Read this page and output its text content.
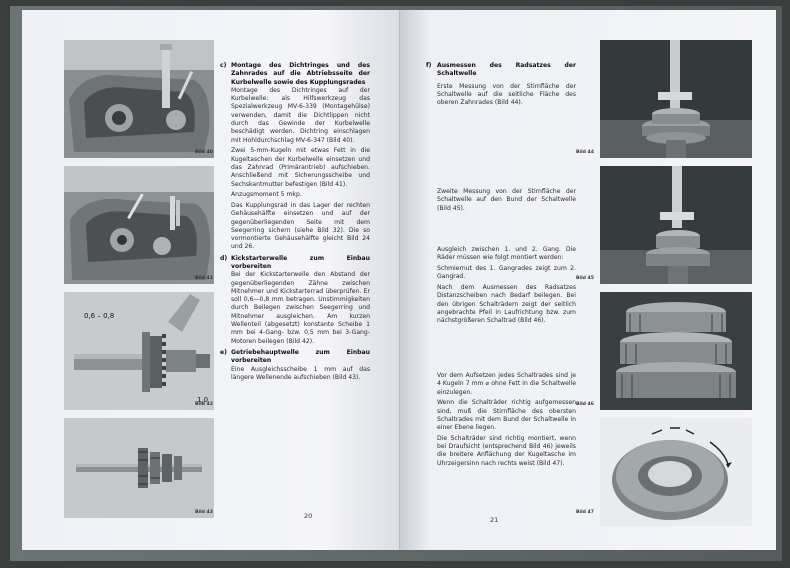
Bild 40
Bild 41
0,6 – 0,8
1,0
Bild 42
Bild 43
c) Montage des Dichtringes und des Zahnrades auf die Abtriebsseite der Kurbelwelle sowie des Kupplungsrades

Montage des Dichtringes auf der Kurbelwelle: als Hilfswerkzeug das Spezialwerkzeug MV-6-339 (Montagehülse) verwenden, damit die Dichtlippen nicht durch das Gewinde der Kurbelwelle beschädigt werden. Dichtring einschlagen mit Hohldurchschlag MV-6-347 (Bild 40).

Zwei 5-mm-Kugeln mit etwas Fett in die Kugeltaschen der Kurbelwelle einsetzen und das Zahnrad (Primärantrieb) aufschieben. Anschließend mit Sicherungsscheibe und Sechskantmutter befestigen (Bild 41).

Anzugsmoment 5 mkp.

Das Kupplungsrad in das Lager der rechten Gehäusehälfte einsetzen und auf der gegenüberliegenden Seite mit dem Seegerring sichern (siehe Bild 32). Die so vormontierte Gehäusehälfte gleicht Bild 24 und 26.

d) Kickstarterwelle zum Einbau vorbereiten

Bei der Kickstarterwelle den Abstand der gegenüberliegenden Zähne zwischen Mitnehmer und Kickstarterrad überprüfen. Er soll 0,6—0,8 mm betragen. Unstimmigkeiten durch Beilegen zwischen Seegerring und Mitnehmer ausgleichen. Am kurzen Wellenteil (abgesetzt) konstante Scheibe 1 mm bei 4-Gang- bzw. 0,5 mm bei 3-Gang-Motoren beilegen (Bild 42).

e) Getriebehauptwelle zum Einbau vorbereiten

Eine Ausgleichsscheibe 1 mm auf das längere Wellenende aufschieben (Bild 43).

20
f) Ausmessen des Radsatzes der Schaltwelle

Erste Messung von der Stirnfläche der Schaltwelle auf die seitliche Fläche des oberen Zahnrades (Bild 44).

Zweite Messung von der Stirnfläche der Schaltwelle auf den Bund der Schaltwelle (Bild 45).

Ausgleich zwischen 1. und 2. Gang. Die Räder müssen wie folgt montiert werden:

Schmiernut des 1. Gangrades zeigt zum 2. Gangrad.

Nach dem Ausmessen des Radsatzes Distanzscheiben nach Bedarf beilegen. Bei den übrigen Schalträdern zeigt der seitlich angebrachte Pfeil in Laufrichtung bzw. zum nächstgrößeren Schaltrad (Bild 46).

Vor dem Aufsetzen jedes Schaltrades sind je 4 Kugeln 7 mm ⌀ ohne Fett in die Schaltwelle einzulegen.

Wenn die Schalträder richtig aufgemessen sind, muß die Stirnfläche des obersten Schaltrades mit dem Bund der Schaltwelle in einer Ebene liegen.

Die Schalträder sind richtig montiert, wenn bei Draufsicht (entsprechend Bild 46) jeweils die breitere Anflächung der Kugeltasche im Uhrzeigersinn nach rechts weist (Bild 47).

Bild 44
Bild 45
Bild 46
Bild 47
21
